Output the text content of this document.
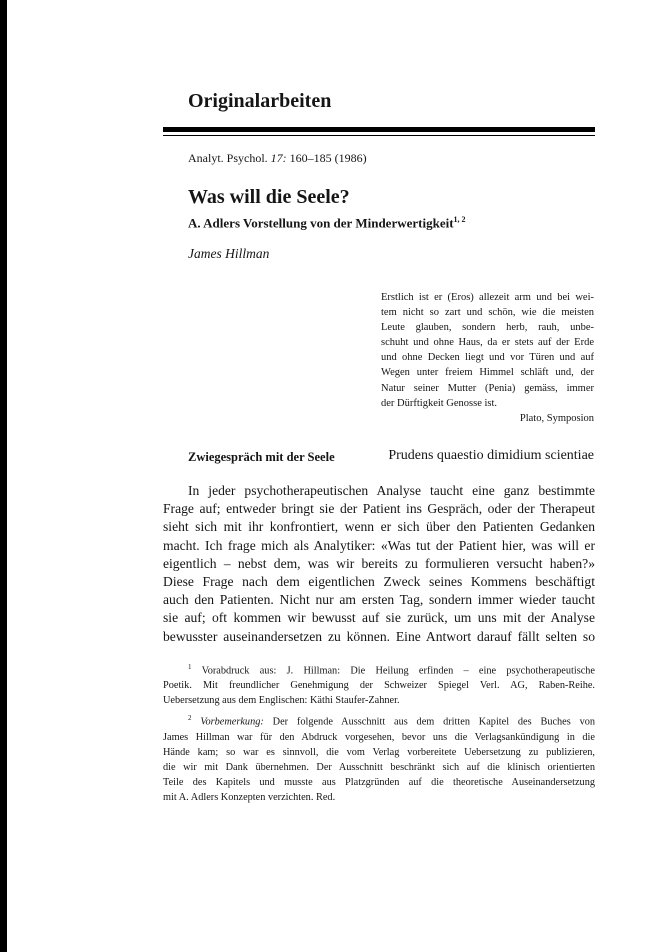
Originalarbeiten
Analyt. Psychol. 17: 160–185 (1986)
Was will die Seele?
A. Adlers Vorstellung von der Minderwertigkeit$^{1, 2}$
James Hillman
Erstlich ist er (Eros) allezeit arm und bei wei-
tem nicht so zart und schön, wie die meisten
Leute glauben, sondern herb, rauh, unbe-
schuht und ohne Haus, da er stets auf der Erde
und ohne Decken liegt und vor Türen und auf
Wegen unter freiem Himmel schläft und, der
Natur seiner Mutter (Penia) gemäss, immer
der Dürftigkeit Genosse ist.
Plato, Symposion
Zwiegespräch mit der Seele	Prudens quaestio dimidium scientiae
In jeder psychotherapeutischen Analyse taucht eine ganz bestimmte
Frage auf; entweder bringt sie der Patient ins Gespräch, oder der Therapeut
sieht sich mit ihr konfrontiert, wenn er sich über den Patienten Gedanken
macht. Ich frage mich als Analytiker: «Was tut der Patient hier, was will er
eigentlich – nebst dem, was wir bereits zu formulieren versucht haben?»
Diese Frage nach dem eigentlichen Zweck seines Kommens beschäftigt
auch den Patienten. Nicht nur am ersten Tag, sondern immer wieder taucht
sie auf; oft kommen wir bewusst auf sie zurück, um uns mit der Analyse
bewusster auseinandersetzen zu können. Eine Antwort darauf fällt selten so
$^1$ Vorabdruck aus: J. Hillman: Die Heilung erfinden – eine psychotherapeutische
Poetik. Mit freundlicher Genehmigung der Schweizer Spiegel Verl. AG, Raben-Reihe.
Uebersetzung aus dem Englischen: Käthi Staufer-Zahner.
$^2$ Vorbemerkung: Der folgende Ausschnitt aus dem dritten Kapitel des Buches von
James Hillman war für den Abdruck vorgesehen, bevor uns die Verlagsankündigung in die
Hände kam; so war es sinnvoll, die vom Verlag vorbereitete Uebersetzung zu publizieren,
die wir mit Dank übernehmen. Der Ausschnitt beschränkt sich auf die klinisch orientierten
Teile des Kapitels und musste aus Platzgründen auf die theoretische Auseinandersetzung
mit A. Adlers Konzepten verzichten. Red.
